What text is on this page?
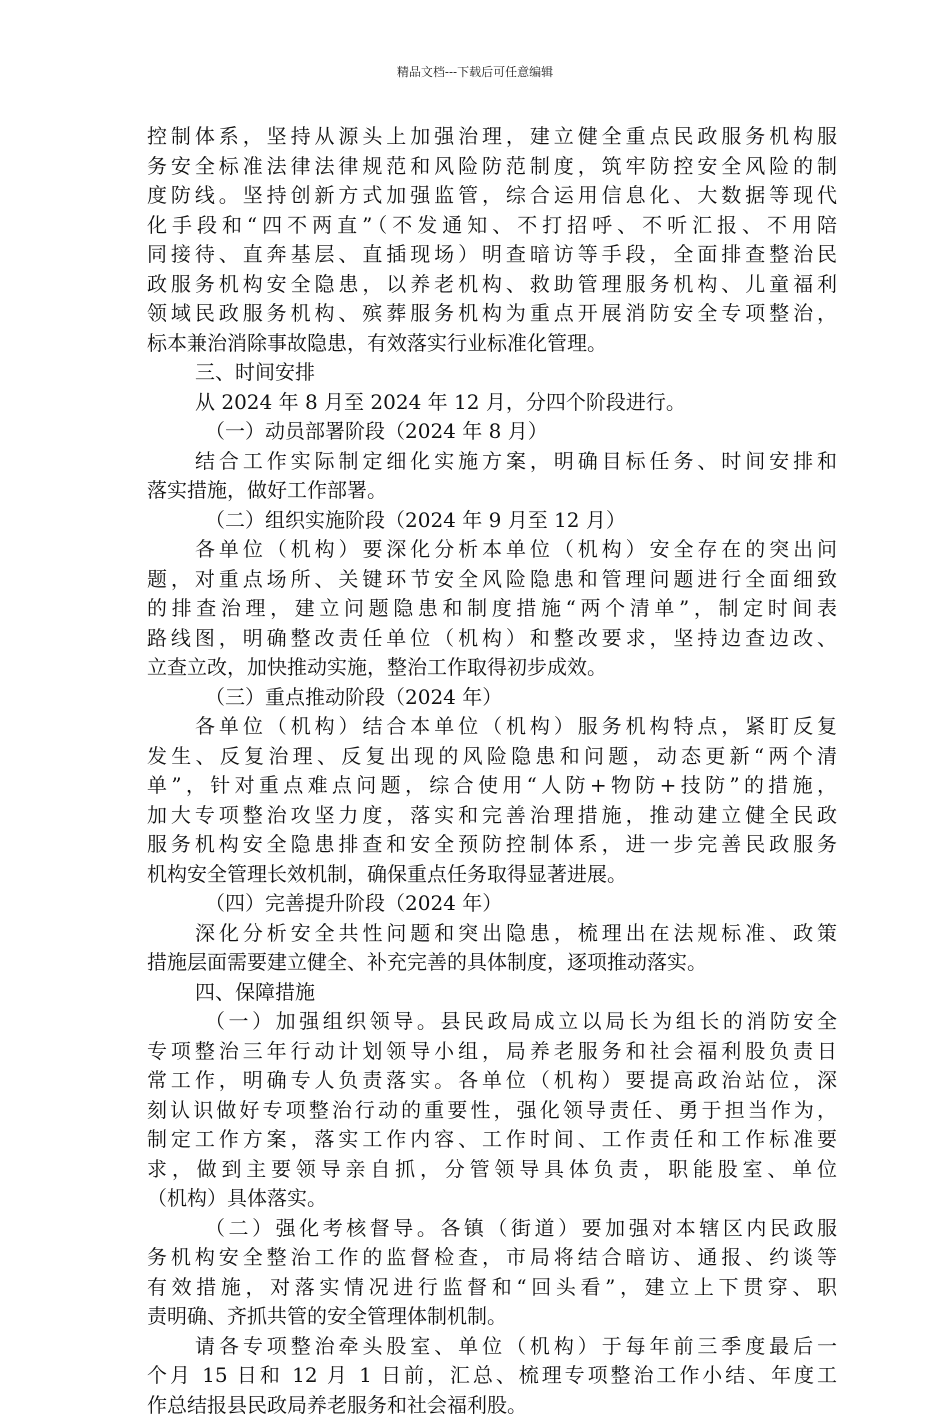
精品文档---下载后可任意编辑
控制体系，坚持从源头上加强治理，建立健全重点民政服务机构服
务安全标准法律法律规范和风险防范制度，筑牢防控安全风险的制
度防线。坚持创新方式加强监管，综合运用信息化、大数据等现代
化手段和“四不两直”（不发通知、不打招呼、不听汇报、不用陪
同接待、直奔基层、直插现场）明查暗访等手段，全面排查整治民
政服务机构安全隐患，以养老机构、救助管理服务机构、儿童福利
领域民政服务机构、殡葬服务机构为重点开展消防安全专项整治，
标本兼治消除事故隐患，有效落实行业标准化管理。
三、时间安排
从 2024 年 8 月至 2024 年 12 月，分四个阶段进行。
（一）动员部署阶段（2024 年 8 月）
结合工作实际制定细化实施方案，明确目标任务、时间安排和
落实措施，做好工作部署。
（二）组织实施阶段（2024 年 9 月至 12 月）
各单位（机构）要深化分析本单位（机构）安全存在的突出问
题，对重点场所、关键环节安全风险隐患和管理问题进行全面细致
的排查治理，建立问题隐患和制度措施“两个清单”，制定时间表
路线图，明确整改责任单位（机构）和整改要求，坚持边查边改、
立查立改，加快推动实施，整治工作取得初步成效。
（三）重点推动阶段（2024 年）
各单位（机构）结合本单位（机构）服务机构特点，紧盯反复
发生、反复治理、反复出现的风险隐患和问题，动态更新“两个清
单”，针对重点难点问题，综合使用“人防+物防+技防”的措施，
加大专项整治攻坚力度，落实和完善治理措施，推动建立健全民政
服务机构安全隐患排查和安全预防控制体系，进一步完善民政服务
机构安全管理长效机制，确保重点任务取得显著进展。
（四）完善提升阶段（2024 年）
深化分析安全共性问题和突出隐患，梳理出在法规标准、政策
措施层面需要建立健全、补充完善的具体制度，逐项推动落实。
四、保障措施
（一）加强组织领导。县民政局成立以局长为组长的消防安全
专项整治三年行动计划领导小组，局养老服务和社会福利股负责日
常工作，明确专人负责落实。各单位（机构）要提高政治站位，深
刻认识做好专项整治行动的重要性，强化领导责任、勇于担当作为，
制定工作方案，落实工作内容、工作时间、工作责任和工作标准要
求，做到主要领导亲自抓，分管领导具体负责，职能股室、单位
（机构）具体落实。
（二）强化考核督导。各镇（街道）要加强对本辖区内民政服
务机构安全整治工作的监督检查，市局将结合暗访、通报、约谈等
有效措施，对落实情况进行监督和“回头看”，建立上下贯穿、职
责明确、齐抓共管的安全管理体制机制。
请各专项整治牵头股室、单位（机构）于每年前三季度最后一
个月 15 日和 12 月 1 日前，汇总、梳理专项整治工作小结、年度工
作总结报县民政局养老服务和社会福利股。
